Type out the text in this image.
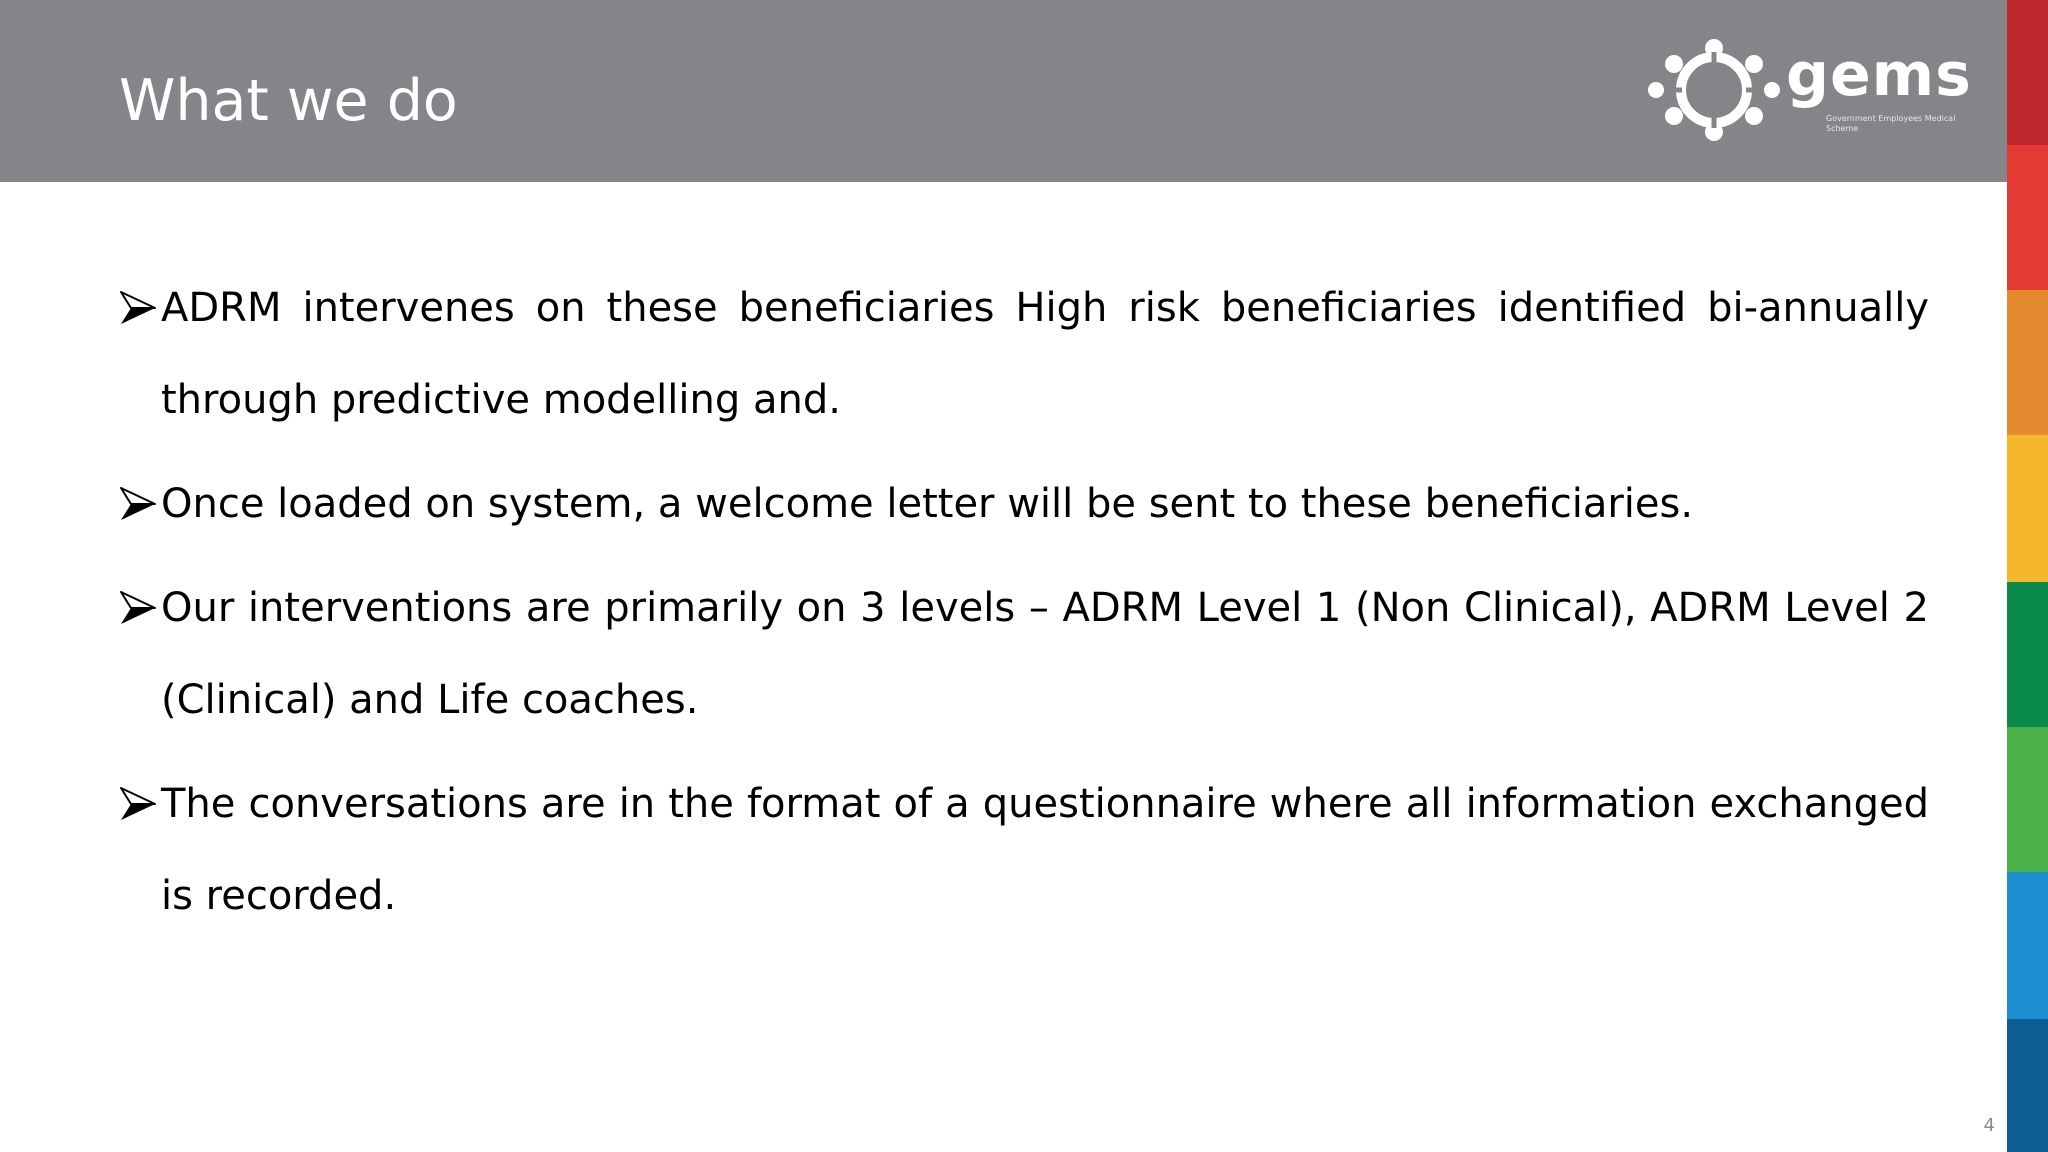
What we do	gems
Government Employees Medical Scheme

ADRM intervenes on these beneficiaries High risk beneficiaries identified bi-annually through predictive modelling and.

Once loaded on system, a welcome letter will be sent to these beneficiaries.

Our interventions are primarily on 3 levels – ADRM Level 1 (Non Clinical), ADRM Level 2 (Clinical) and Life coaches.

The conversations are in the format of a questionnaire where all information exchanged is recorded.

4
